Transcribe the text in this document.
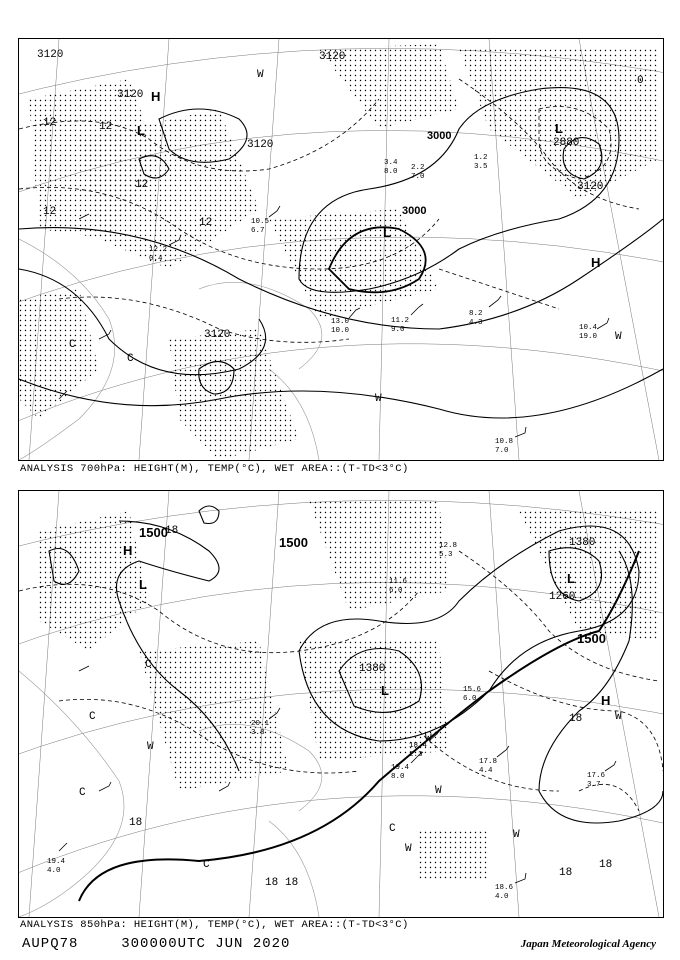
10.4
19.0
10.8
7.0
8.2
4.3
11.2
9.0
13.0
10.0
12.2
0.4
2.2
7.0
3.4
8.0
1.2
3.5
10.5
6.7
3120
3120
3120
3120
3000
3000
3120
2880
3120
H
L
L
L
H
C
C
W
W
W
12
12
12
12
12
0
ANALYSIS 700hPa: HEIGHT(M), TEMP(°C), WET AREA::(T-TD<3°C)
18.6
4.0
17.6
3.7
17.8
4.4
19.4
8.0
18.4
2.3
15.6
6.0
11.6
6.0
12.8
5.3
20.1
3.8
19.4
4.0
1500
1500
1500
1380
1260
1380
H
L
L
L
H
C
C
C
C
C
W
W
W
W
W
W
18
18
18
18
18
18 18
ANALYSIS 850hPa: HEIGHT(M), TEMP(°C), WET AREA::(T-TD<3°C)
AUPQ78	300000UTC JUN 2020	Japan Meteorological Agency
